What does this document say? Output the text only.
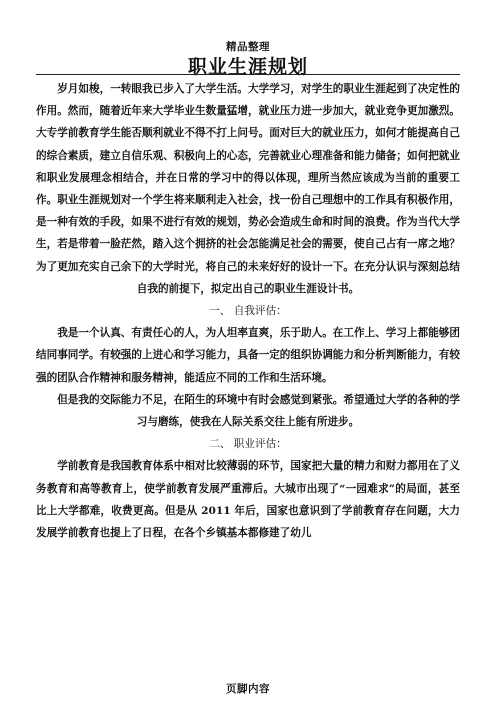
精品整理
职业生涯规划

岁月如梭，一转眼我已步入了大学生活。大学学习，对学生的职业生涯起到了决定性的作用。然而，随着近年来大学毕业生数量猛增，就业压力进一步加大，就业竞争更加激烈。大专学前教育学生能否顺利就业不得不打上问号。面对巨大的就业压力，如何才能提高自己的综合素质，建立自信乐观、积极向上的心态，完善就业心理准备和能力储备；如何把就业和职业发展理念相结合，并在日常的学习中的得以体现，理所当然应该成为当前的重要工作。职业生涯规划对一个学生将来顺利走入社会，找一份自己理想中的工作具有积极作用，是一种有效的手段，如果不进行有效的规划，势必会造成生命和时间的浪费。作为当代大学生，若是带着一脸茫然，踏入这个拥挤的社会怎能满足社会的需要，使自己占有一席之地？为了更加充实自己余下的大学时光，将自己的未来好好的设计一下。在充分认识与深刻总结自我的前提下，拟定出自己的职业生涯设计书。

一、 自我评估：

我是一个认真、有责任心的人，为人坦率直爽，乐于助人。在工作上、学习上都能够团结同事同学。有较强的上进心和学习能力，具备一定的组织协调能力和分析判断能力，有较强的团队合作精神和服务精神，能适应不同的工作和生活环境。

但是我的交际能力不足，在陌生的环境中有时会感觉到紧张。希望通过大学的各种的学习与磨练，使我在人际关系交往上能有所进步。

二、 职业评估：

学前教育是我国教育体系中相对比较薄弱的环节，国家把大量的精力和财力都用在了义务教育和高等教育上，使学前教育发展严重滞后。大城市出现了“一园难求”的局面，甚至比上大学都难，收费更高。但是从 2011 年后，国家也意识到了学前教育存在问题，大力发展学前教育也提上了日程，在各个乡镇基本都修建了幼儿

页脚内容
